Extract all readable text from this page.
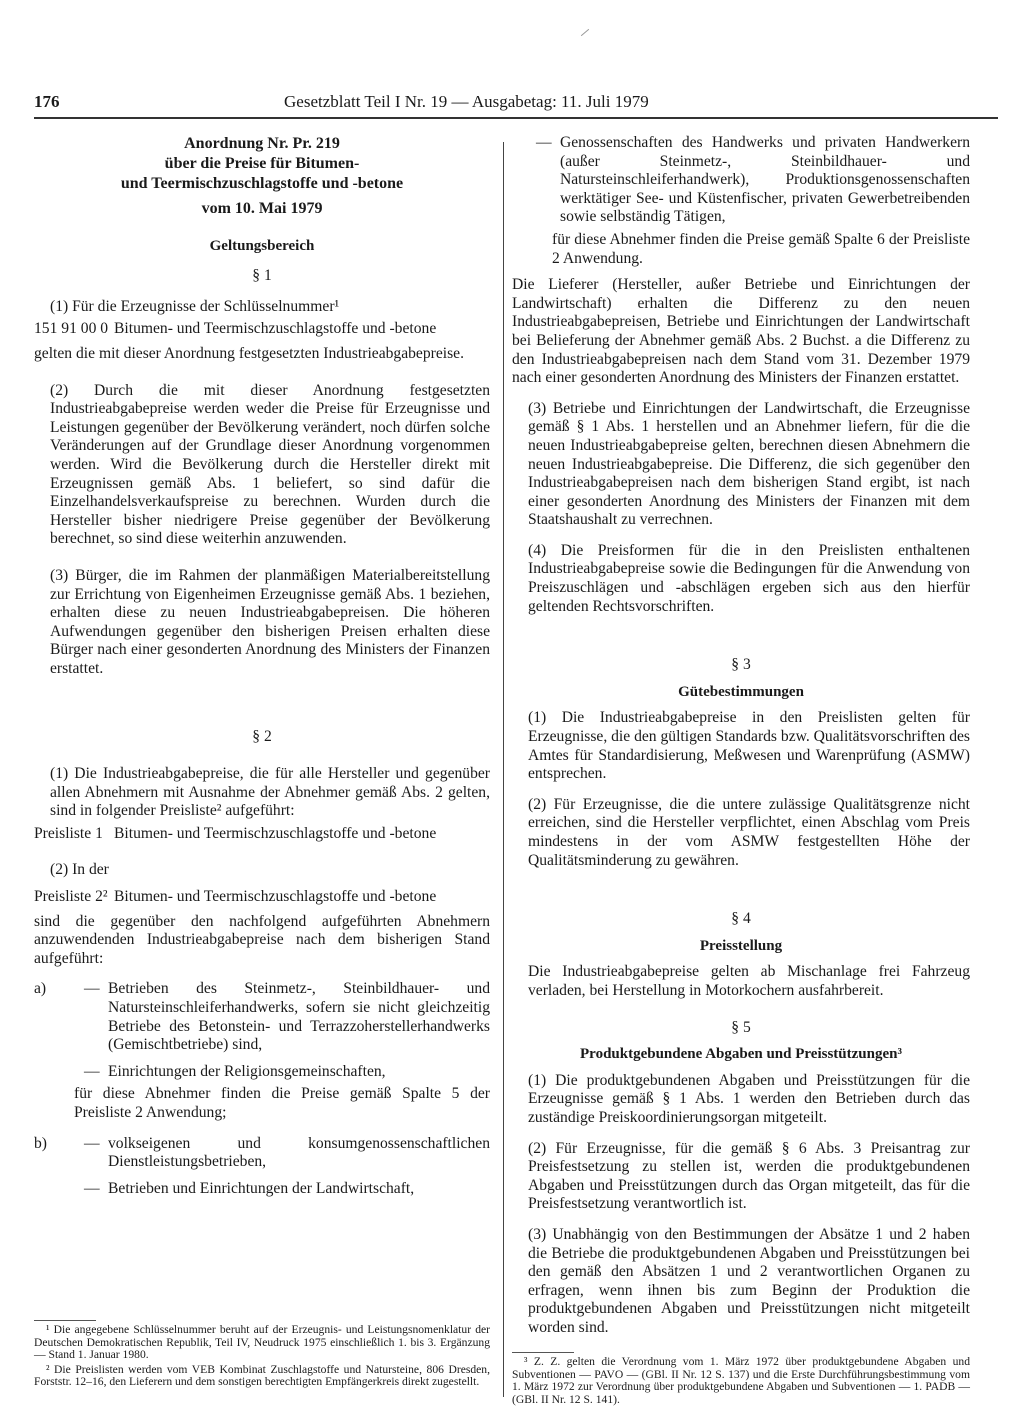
176	Gesetzblatt Teil I Nr. 19 — Ausgabetag: 11. Juli 1979
Anordnung Nr. Pr. 219
über die Preise für Bitumen-
und Teermischzuschlagstoffe und -betone
vom 10. Mai 1979
Geltungsbereich

§ 1

(1) Für die Erzeugnisse der Schlüsselnummer¹

151 91 00 0 Bitumen- und Teermischzuschlagstoffe und -betone

gelten die mit dieser Anordnung festgesetzten Industrieabgabepreise.

(2) Durch die mit dieser Anordnung festgesetzten Industrieabgabepreise werden weder die Preise für Erzeugnisse und Leistungen gegenüber der Bevölkerung verändert, noch dürfen solche Veränderungen auf der Grundlage dieser Anordnung vorgenommen werden. Wird die Bevölkerung durch die Hersteller direkt mit Erzeugnissen gemäß Abs. 1 beliefert, so sind dafür die Einzelhandelsverkaufspreise zu berechnen. Wurden durch die Hersteller bisher niedrigere Preise gegenüber der Bevölkerung berechnet, so sind diese weiterhin anzuwenden.

(3) Bürger, die im Rahmen der planmäßigen Materialbereitstellung zur Errichtung von Eigenheimen Erzeugnisse gemäß Abs. 1 beziehen, erhalten diese zu neuen Industrieabgabepreisen. Die höheren Aufwendungen gegenüber den bisherigen Preisen erhalten diese Bürger nach einer gesonderten Anordnung des Ministers der Finanzen erstattet.

§ 2

(1) Die Industrieabgabepreise, die für alle Hersteller und gegenüber allen Abnehmern mit Ausnahme der Abnehmer gemäß Abs. 2 gelten, sind in folgender Preisliste² aufgeführt:

Preisliste 1 Bitumen- und Teermischzuschlagstoffe und -betone

(2) In der

Preisliste 2² Bitumen- und Teermischzuschlagstoffe und -betone

sind die gegenüber den nachfolgend aufgeführten Abnehmern anzuwendenden Industrieabgabepreise nach dem bisherigen Stand aufgeführt:

a)	— Betrieben des Steinmetz-, Steinbildhauer- und Natursteinschleiferhandwerks, sofern sie nicht gleichzeitig Betriebe des Betonstein- und Terrazzoherstellerhandwerks (Gemischtbetriebe) sind,
— Einrichtungen der Religionsgemeinschaften,

für diese Abnehmer finden die Preise gemäß Spalte 5 der Preisliste 2 Anwendung;

b)	— volkseigenen und konsumgenossenschaftlichen Dienstleistungsbetrieben,
— Betrieben und Einrichtungen der Landwirtschaft,

¹ Die angegebene Schlüsselnummer beruht auf der Erzeugnis- und Leistungsnomenklatur der Deutschen Demokratischen Republik, Teil IV, Neudruck 1975 einschließlich 1. bis 3. Ergänzung — Stand 1. Januar 1980.

² Die Preislisten werden vom VEB Kombinat Zuschlagstoffe und Natursteine, 806 Dresden, Forststr. 12–16, den Lieferern und dem sonstigen berechtigten Empfängerkreis direkt zugestellt.

— Genossenschaften des Handwerks und privaten Handwerkern (außer Steinmetz-, Steinbildhauer- und Natursteinschleiferhandwerk), Produktionsgenossenschaften werktätiger See- und Küstenfischer, privaten Gewerbetreibenden sowie selbständig Tätigen,

für diese Abnehmer finden die Preise gemäß Spalte 6 der Preisliste 2 Anwendung.

Die Lieferer (Hersteller, außer Betriebe und Einrichtungen der Landwirtschaft) erhalten die Differenz zu den neuen Industrieabgabepreisen, Betriebe und Einrichtungen der Landwirtschaft bei Belieferung der Abnehmer gemäß Abs. 2 Buchst. a die Differenz zu den Industrieabgabepreisen nach dem Stand vom 31. Dezember 1979 nach einer gesonderten Anordnung des Ministers der Finanzen erstattet.

(3) Betriebe und Einrichtungen der Landwirtschaft, die Erzeugnisse gemäß § 1 Abs. 1 herstellen und an Abnehmer liefern, für die die neuen Industrieabgabepreise gelten, berechnen diesen Abnehmern die neuen Industrieabgabepreise. Die Differenz, die sich gegenüber den Industrieabgabepreisen nach dem bisherigen Stand ergibt, ist nach einer gesonderten Anordnung des Ministers der Finanzen mit dem Staatshaushalt zu verrechnen.

(4) Die Preisformen für die in den Preislisten enthaltenen Industrieabgabepreise sowie die Bedingungen für die Anwendung von Preiszuschlägen und -abschlägen ergeben sich aus den hierfür geltenden Rechtsvorschriften.

§ 3

Gütebestimmungen

(1) Die Industrieabgabepreise in den Preislisten gelten für Erzeugnisse, die den gültigen Standards bzw. Qualitätsvorschriften des Amtes für Standardisierung, Meßwesen und Warenprüfung (ASMW) entsprechen.

(2) Für Erzeugnisse, die die untere zulässige Qualitätsgrenze nicht erreichen, sind die Hersteller verpflichtet, einen Abschlag vom Preis mindestens in der vom ASMW festgestellten Höhe der Qualitätsminderung zu gewähren.

§ 4

Preisstellung

Die Industrieabgabepreise gelten ab Mischanlage frei Fahrzeug verladen, bei Herstellung in Motorkochern ausfahrbereit.

§ 5

Produktgebundene Abgaben und Preisstützungen³

(1) Die produktgebundenen Abgaben und Preisstützungen für die Erzeugnisse gemäß § 1 Abs. 1 werden den Betrieben durch das zuständige Preiskoordinierungsorgan mitgeteilt.

(2) Für Erzeugnisse, für die gemäß § 6 Abs. 3 Preisantrag zur Preisfestsetzung zu stellen ist, werden die produktgebundenen Abgaben und Preisstützungen durch das Organ mitgeteilt, das für die Preisfestsetzung verantwortlich ist.

(3) Unabhängig von den Bestimmungen der Absätze 1 und 2 haben die Betriebe die produktgebundenen Abgaben und Preisstützungen bei den gemäß den Absätzen 1 und 2 verantwortlichen Organen zu erfragen, wenn ihnen bis zum Beginn der Produktion die produktgebundenen Abgaben und Preisstützungen nicht mitgeteilt worden sind.

³ Z. Z. gelten die Verordnung vom 1. März 1972 über produktgebundene Abgaben und Subventionen — PAVO — (GBl. II Nr. 12 S. 137) und die Erste Durchführungsbestimmung vom 1. März 1972 zur Verordnung über produktgebundene Abgaben und Subventionen — 1. PADB — (GBl. II Nr. 12 S. 141).
